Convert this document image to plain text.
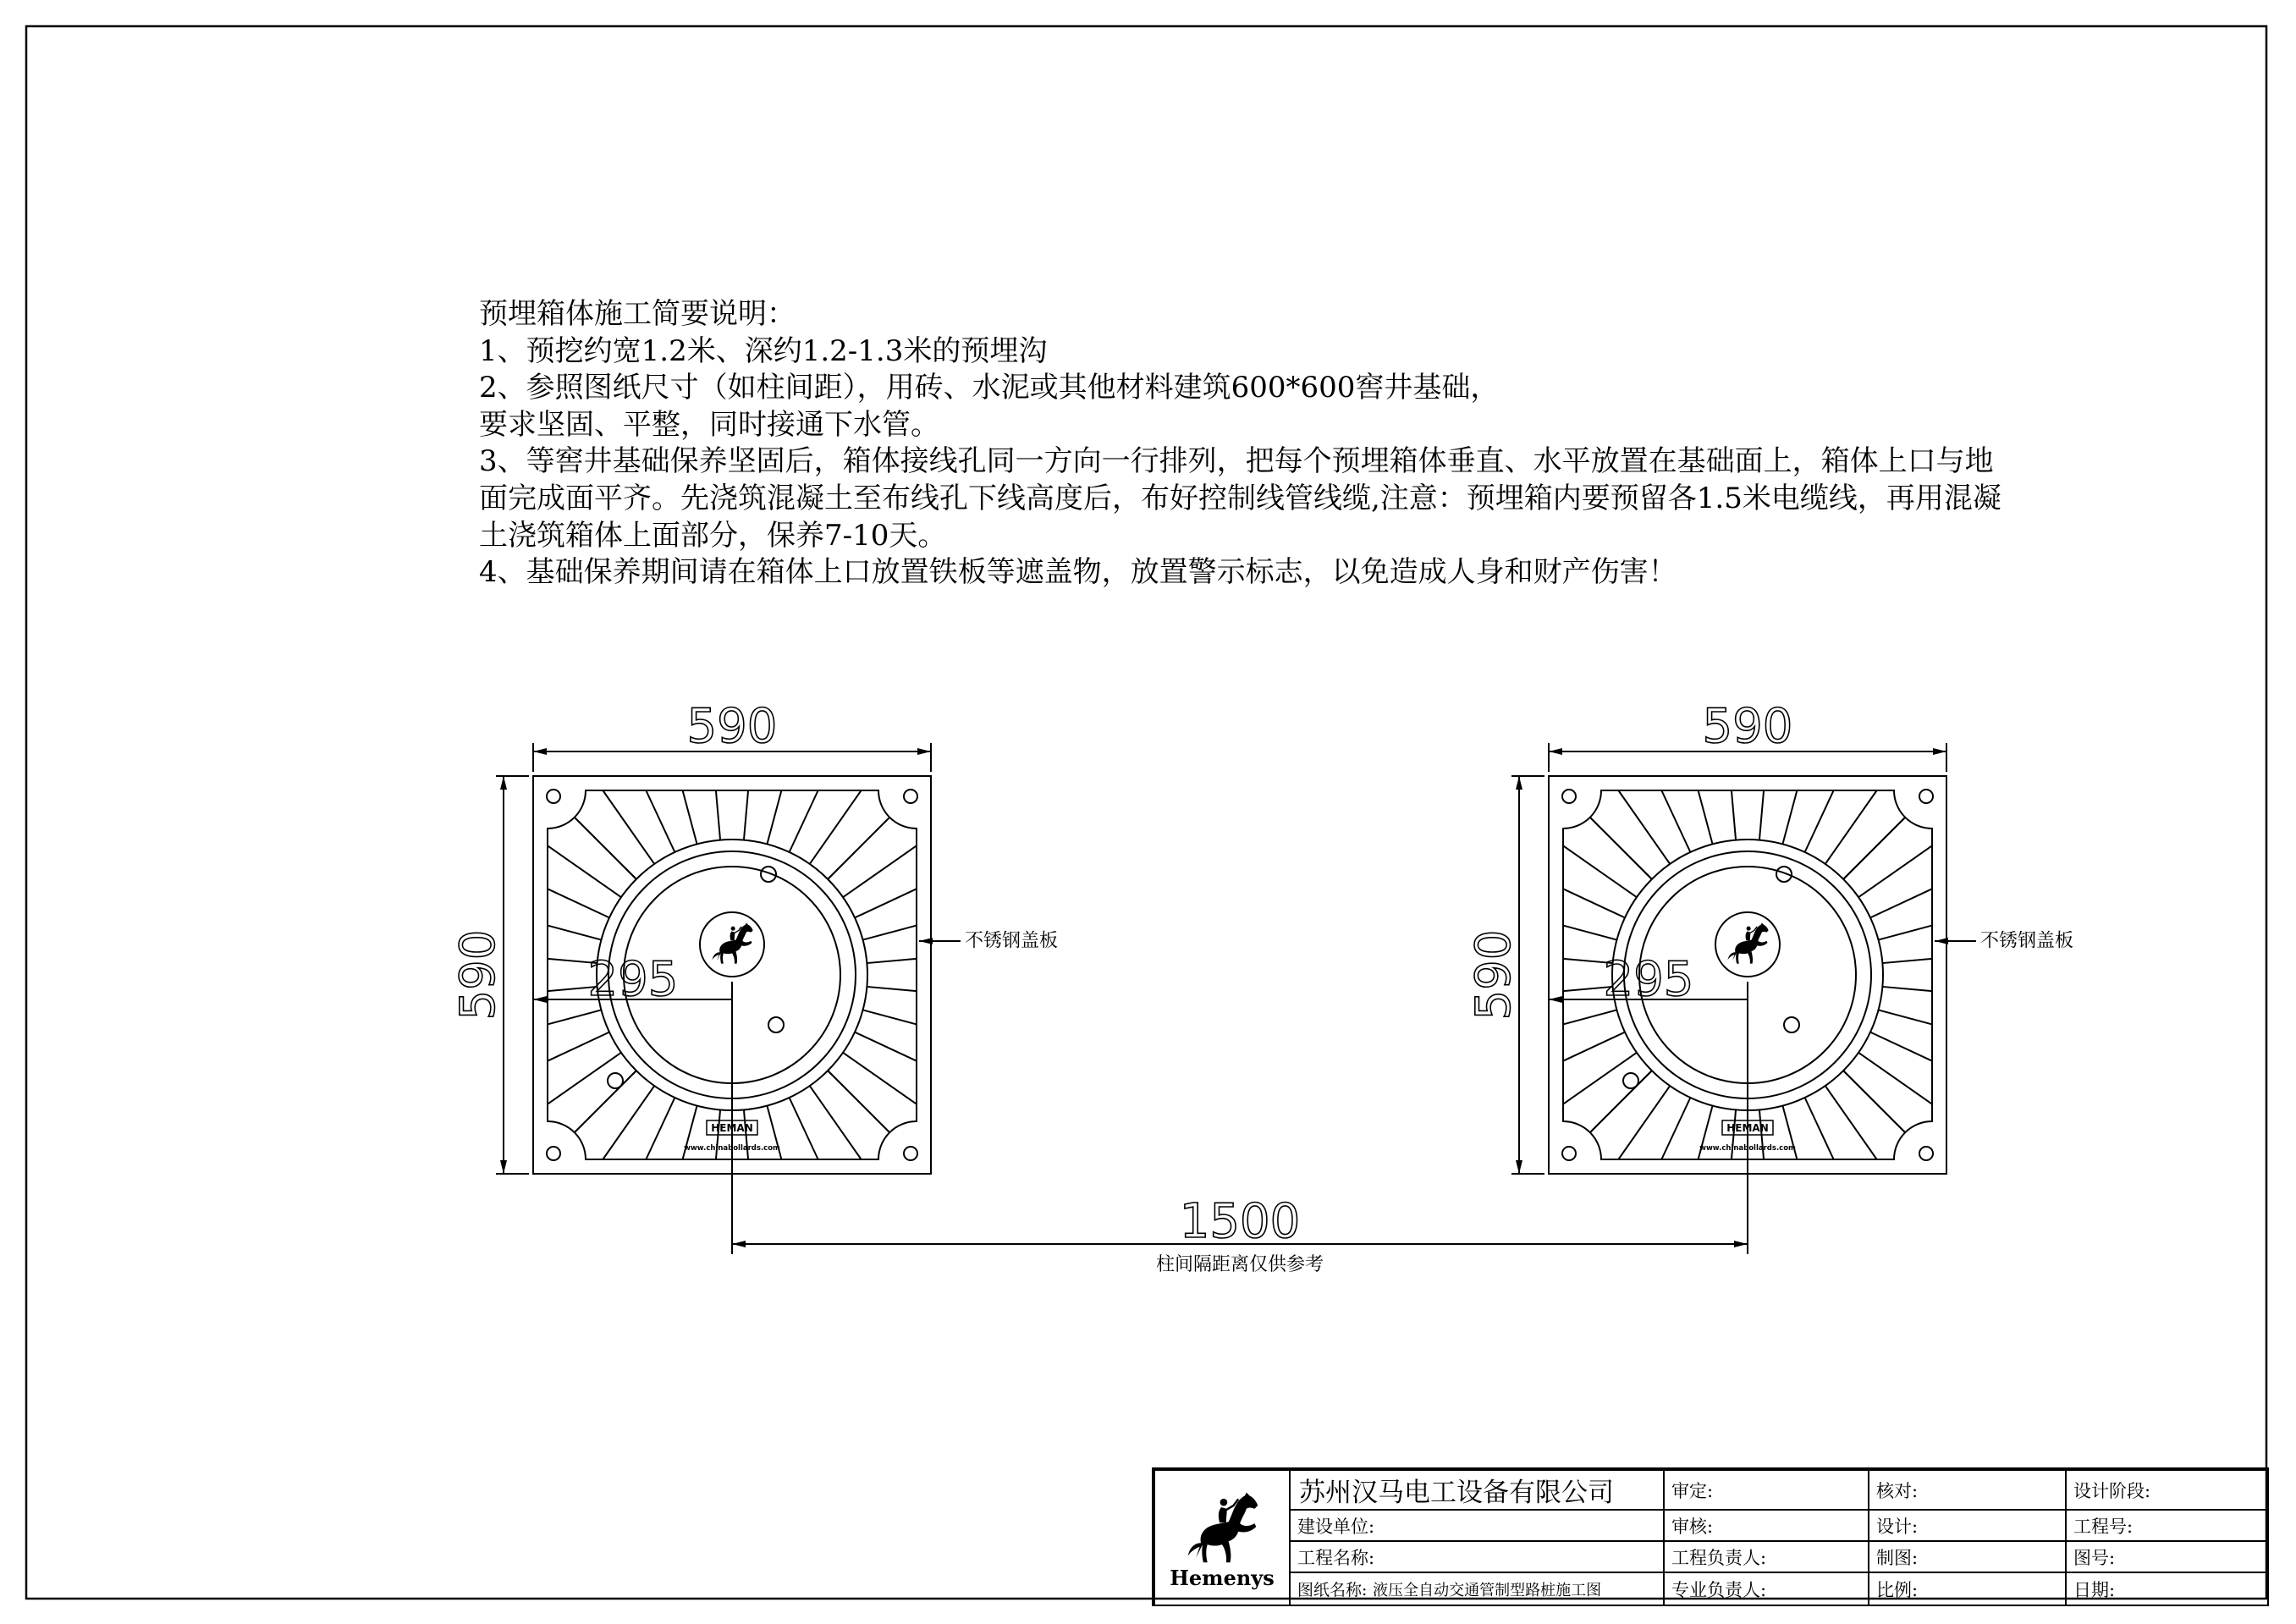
590
590 295
不锈钢盖板
590
590 295
不锈钢盖板
1500
柱间隔距离仅供参考
HEMAN
www.chinabollards.com
HEMAN
www.chinabollards.com
预埋箱体施工简要说明：
1、预挖约宽1.2米、深约1.2-1.3米的预埋沟
2、参照图纸尺寸（如柱间距），用砖、水泥或其他材料建筑600*600窖井基础，
要求坚固、平整，同时接通下水管。
3、等窖井基础保养坚固后，箱体接线孔同一方向一行排列，把每个预埋箱体垂直、水平放置在基础面上，箱体上口与地
面完成面平齐。先浇筑混凝土至布线孔下线高度后，布好控制线管线缆,注意：预埋箱内要预留各1.5米电缆线，再用混凝
土浇筑箱体上面部分，保养7-10天。
4、基础保养期间请在箱体上口放置铁板等遮盖物，放置警示标志，以免造成人身和财产伤害！
Hemenys	苏州汉马电工设备有限公司	审定:	核对:	设计阶段:
	建设单位:	审核:	设计:	工程号:
	工程名称:	工程负责人:	制图:	图号:
	图纸名称: 液压全自动交通管制型路桩施工图	专业负责人:	比例:	日期:
